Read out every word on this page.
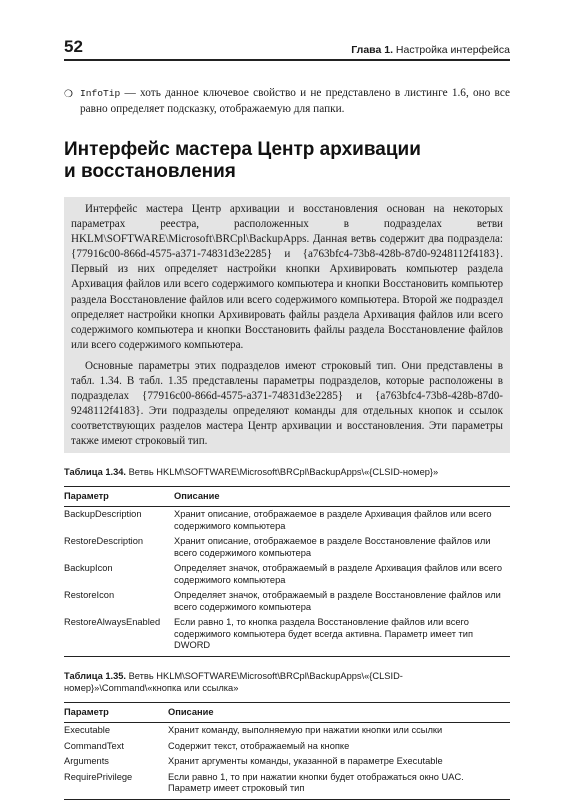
52	Глава 1. Настройка интерфейса
❍ InfoTip — хоть данное ключевое свойство и не представлено в листинге 1.6, оно все равно определяет подсказку, отображаемую для папки.
Интерфейс мастера Центр архивации
и восстановления

Интерфейс мастера Центр архивации и восстановления основан на некоторых параметрах реестра, расположенных в подразделах ветви HKLM\SOFTWARE\Microsoft\BRCpl\BackupApps. Данная ветвь содержит два подраздела: {77916c00-866d-4575-a371-74831d3e2285} и {a763bfc4-73b8-428b-87d0-9248112f4183}. Первый из них определяет настройки кнопки Архивировать компьютер раздела Архивация файлов или всего содержимого компьютера и кнопки Восстановить компьютер раздела Восстановление файлов или всего содержимого компьютера. Второй же подраздел определяет настройки кнопки Архивировать файлы раздела Архивация файлов или всего содержимого компьютера и кнопки Восстановить файлы раздела Восстановление файлов или всего содержимого компьютера.

Основные параметры этих подразделов имеют строковый тип. Они представлены в табл. 1.34. В табл. 1.35 представлены параметры подразделов, которые расположены в подразделах {77916c00-866d-4575-a371-74831d3e2285} и {a763bfc4-73b8-428b-87d0-9248112f4183}. Эти подразделы определяют команды для отдельных кнопок и ссылок соответствующих разделов мастера Центр архивации и восстановления. Эти параметры также имеют строковый тип.

Таблица 1.34. Ветвь HKLM\SOFTWARE\Microsoft\BRCpl\BackupApps\«{CLSID-номер}»
Параметр	Описание
BackupDescription	Хранит описание, отображаемое в разделе Архивация файлов или всего содержимого компьютера
RestoreDescription	Хранит описание, отображаемое в разделе Восстановление файлов или всего содержимого компьютера
BackupIcon	Определяет значок, отображаемый в разделе Архивация файлов или всего содержимого компьютера
RestoreIcon	Определяет значок, отображаемый в разделе Восстановление файлов или всего содержимого компьютера
RestoreAlwaysEnabled	Если равно 1, то кнопка раздела Восстановление файлов или всего содержимого компьютера будет всегда активна. Параметр имеет тип DWORD
Таблица 1.35. Ветвь HKLM\SOFTWARE\Microsoft\BRCpl\BackupApps\«{CLSID-номер}»\Command\«кнопка или ссылка»
Параметр	Описание
Executable	Хранит команду, выполняемую при нажатии кнопки или ссылки
CommandText	Содержит текст, отображаемый на кнопке
Arguments	Хранит аргументы команды, указанной в параметре Executable
RequirePrivilege	Если равно 1, то при нажатии кнопки будет отображаться окно UAC. Параметр имеет строковый тип
